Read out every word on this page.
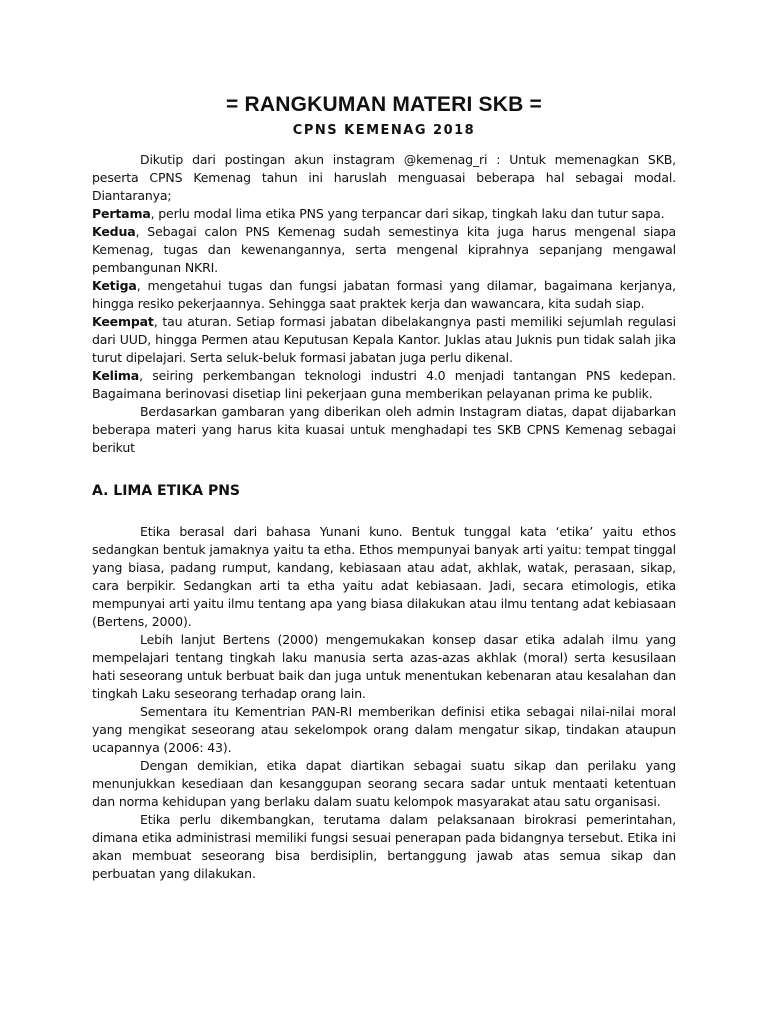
= RANGKUMAN MATERI SKB =
CPNS KEMENAG 2018

Dikutip dari postingan akun instagram @kemenag_ri : Untuk memenagkan SKB, peserta CPNS Kemenag tahun ini haruslah menguasai beberapa hal sebagai modal. Diantaranya;

Pertama, perlu modal lima etika PNS yang terpancar dari sikap, tingkah laku dan tutur sapa.

Kedua, Sebagai calon PNS Kemenag sudah semestinya kita juga harus mengenal siapa Kemenag, tugas dan kewenangannya, serta mengenal kiprahnya sepanjang mengawal pembangunan NKRI.

Ketiga, mengetahui tugas dan fungsi jabatan formasi yang dilamar, bagaimana kerjanya, hingga resiko pekerjaannya. Sehingga saat praktek kerja dan wawancara, kita sudah siap.

Keempat, tau aturan. Setiap formasi jabatan dibelakangnya pasti memiliki sejumlah regulasi dari UUD, hingga Permen atau Keputusan Kepala Kantor. Juklas atau Juknis pun tidak salah jika turut dipelajari. Serta seluk-beluk formasi jabatan juga perlu dikenal.

Kelima, seiring perkembangan teknologi industri 4.0 menjadi tantangan PNS kedepan. Bagaimana berinovasi disetiap lini pekerjaan guna memberikan pelayanan prima ke publik.

Berdasarkan gambaran yang diberikan oleh admin Instagram diatas, dapat dijabarkan beberapa materi yang harus kita kuasai untuk menghadapi tes SKB CPNS Kemenag sebagai berikut

A. LIMA ETIKA PNS

Etika berasal dari bahasa Yunani kuno. Bentuk tunggal kata ‘etika’ yaitu ethos sedangkan bentuk jamaknya yaitu ta etha. Ethos mempunyai banyak arti yaitu: tempat tinggal yang biasa, padang rumput, kandang, kebiasaan atau adat, akhlak, watak, perasaan, sikap, cara berpikir. Sedangkan arti ta etha yaitu adat kebiasaan. Jadi, secara etimologis, etika mempunyai arti yaitu ilmu tentang apa yang biasa dilakukan atau ilmu tentang adat kebiasaan (Bertens, 2000).

Lebih lanjut Bertens (2000) mengemukakan konsep dasar etika adalah ilmu yang mempelajari tentang tingkah laku manusia serta azas-azas akhlak (moral) serta kesusilaan hati seseorang untuk berbuat baik dan juga untuk menentukan kebenaran atau kesalahan dan tingkah Laku seseorang terhadap orang lain.

Sementara itu Kementrian PAN-RI memberikan definisi etika sebagai nilai-nilai moral yang mengikat seseorang atau sekelompok orang dalam mengatur sikap, tindakan ataupun ucapannya (2006: 43).

Dengan demikian, etika dapat diartikan sebagai suatu sikap dan perilaku yang menunjukkan kesediaan dan kesanggupan seorang secara sadar untuk mentaati ketentuan dan norma kehidupan yang berlaku dalam suatu kelompok masyarakat atau satu organisasi.

Etika perlu dikembangkan, terutama dalam pelaksanaan birokrasi pemerintahan, dimana etika administrasi memiliki fungsi sesuai penerapan pada bidangnya tersebut. Etika ini akan membuat seseorang bisa berdisiplin, bertanggung jawab atas semua sikap dan perbuatan yang dilakukan.
